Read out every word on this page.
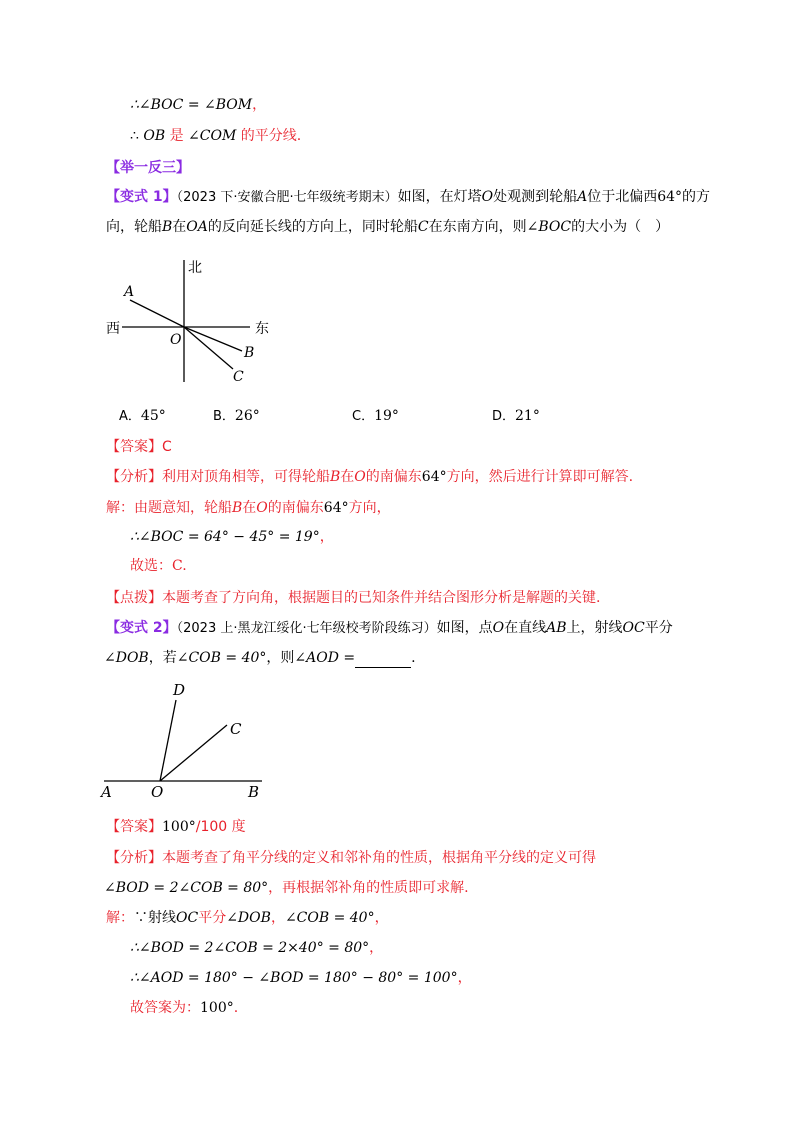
∴∠BOC = ∠BOM，
∴ OB 是 ∠COM 的平分线.
【举一反三】
【变式 1】（2023 下·安徽合肥·七年级统考期末）如图，在灯塔O处观测到轮船A位于北偏西64°的方
向，轮船B在OA的反向延长线的方向上，同时轮船C在东南方向，则∠BOC的大小为（　）
北
西	东
A
O
B
C
A．45°	B．26°	C．19°	D．21°
【答案】C
【分析】利用对顶角相等，可得轮船B在O的南偏东64°方向，然后进行计算即可解答.
解：由题意知，轮船B在O的南偏东64°方向，
∴∠BOC = 64° − 45° = 19°，
故选：C.
【点拨】本题考查了方向角，根据题目的已知条件并结合图形分析是解题的关键.
【变式 2】（2023 上·黑龙江绥化·七年级校考阶段练习）如图，点O在直线AB上，射线OC平分
∠DOB，若∠COB = 40°，则∠AOD =	.
D
C
A	O	B
【答案】100°/100 度
【分析】本题考查了角平分线的定义和邻补角的性质，根据角平分线的定义可得
∠BOD = 2∠COB = 80°，再根据邻补角的性质即可求解.
解：∵射线OC平分∠DOB，∠COB = 40°，
∴∠BOD = 2∠COB = 2×40° = 80°，
∴∠AOD = 180° − ∠BOD = 180° − 80° = 100°，
故答案为：100°.
